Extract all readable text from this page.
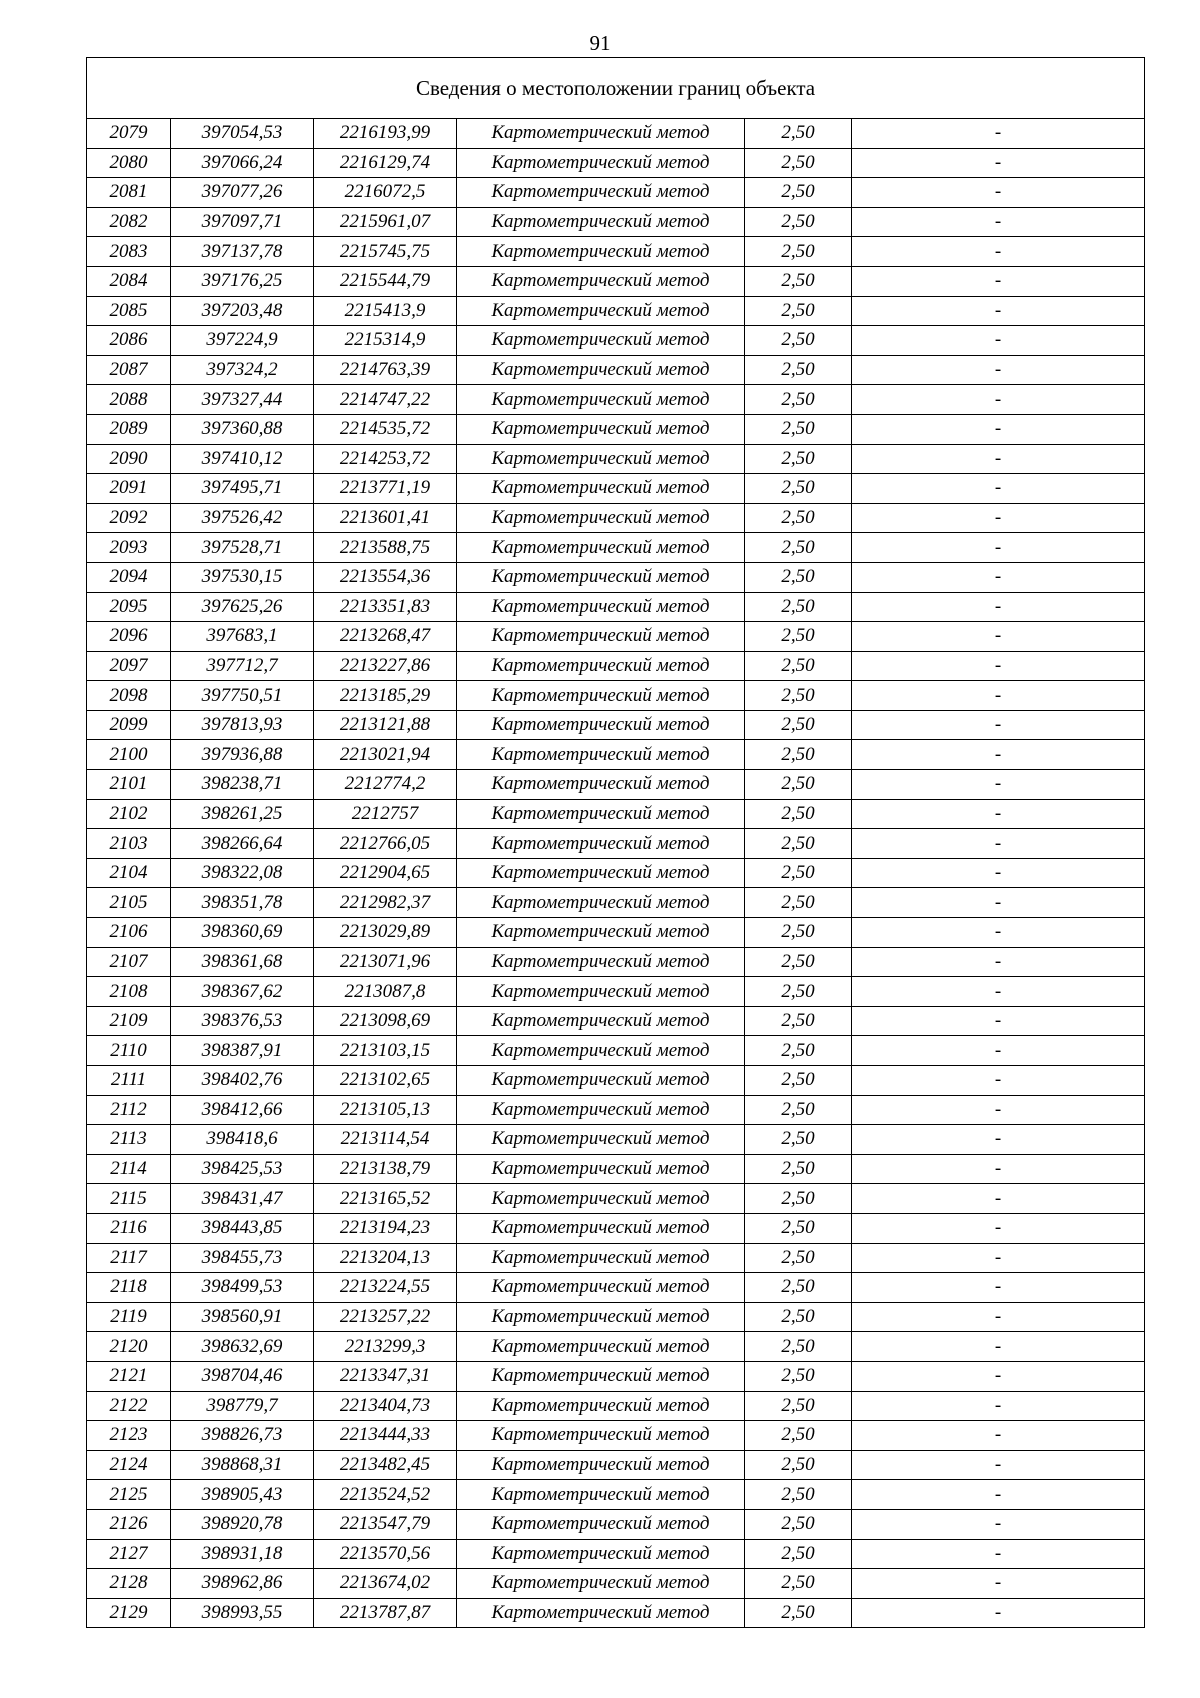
91
Сведения о местоположении границ объекта					
2079	397054,53	2216193,99	Картометрический метод	2,50	-
2080	397066,24	2216129,74	Картометрический метод	2,50	-
2081	397077,26	2216072,5	Картометрический метод	2,50	-
2082	397097,71	2215961,07	Картометрический метод	2,50	-
2083	397137,78	2215745,75	Картометрический метод	2,50	-
2084	397176,25	2215544,79	Картометрический метод	2,50	-
2085	397203,48	2215413,9	Картометрический метод	2,50	-
2086	397224,9	2215314,9	Картометрический метод	2,50	-
2087	397324,2	2214763,39	Картометрический метод	2,50	-
2088	397327,44	2214747,22	Картометрический метод	2,50	-
2089	397360,88	2214535,72	Картометрический метод	2,50	-
2090	397410,12	2214253,72	Картометрический метод	2,50	-
2091	397495,71	2213771,19	Картометрический метод	2,50	-
2092	397526,42	2213601,41	Картометрический метод	2,50	-
2093	397528,71	2213588,75	Картометрический метод	2,50	-
2094	397530,15	2213554,36	Картометрический метод	2,50	-
2095	397625,26	2213351,83	Картометрический метод	2,50	-
2096	397683,1	2213268,47	Картометрический метод	2,50	-
2097	397712,7	2213227,86	Картометрический метод	2,50	-
2098	397750,51	2213185,29	Картометрический метод	2,50	-
2099	397813,93	2213121,88	Картометрический метод	2,50	-
2100	397936,88	2213021,94	Картометрический метод	2,50	-
2101	398238,71	2212774,2	Картометрический метод	2,50	-
2102	398261,25	2212757	Картометрический метод	2,50	-
2103	398266,64	2212766,05	Картометрический метод	2,50	-
2104	398322,08	2212904,65	Картометрический метод	2,50	-
2105	398351,78	2212982,37	Картометрический метод	2,50	-
2106	398360,69	2213029,89	Картометрический метод	2,50	-
2107	398361,68	2213071,96	Картометрический метод	2,50	-
2108	398367,62	2213087,8	Картометрический метод	2,50	-
2109	398376,53	2213098,69	Картометрический метод	2,50	-
2110	398387,91	2213103,15	Картометрический метод	2,50	-
2111	398402,76	2213102,65	Картометрический метод	2,50	-
2112	398412,66	2213105,13	Картометрический метод	2,50	-
2113	398418,6	2213114,54	Картометрический метод	2,50	-
2114	398425,53	2213138,79	Картометрический метод	2,50	-
2115	398431,47	2213165,52	Картометрический метод	2,50	-
2116	398443,85	2213194,23	Картометрический метод	2,50	-
2117	398455,73	2213204,13	Картометрический метод	2,50	-
2118	398499,53	2213224,55	Картометрический метод	2,50	-
2119	398560,91	2213257,22	Картометрический метод	2,50	-
2120	398632,69	2213299,3	Картометрический метод	2,50	-
2121	398704,46	2213347,31	Картометрический метод	2,50	-
2122	398779,7	2213404,73	Картометрический метод	2,50	-
2123	398826,73	2213444,33	Картометрический метод	2,50	-
2124	398868,31	2213482,45	Картометрический метод	2,50	-
2125	398905,43	2213524,52	Картометрический метод	2,50	-
2126	398920,78	2213547,79	Картометрический метод	2,50	-
2127	398931,18	2213570,56	Картометрический метод	2,50	-
2128	398962,86	2213674,02	Картометрический метод	2,50	-
2129	398993,55	2213787,87	Картометрический метод	2,50	-
